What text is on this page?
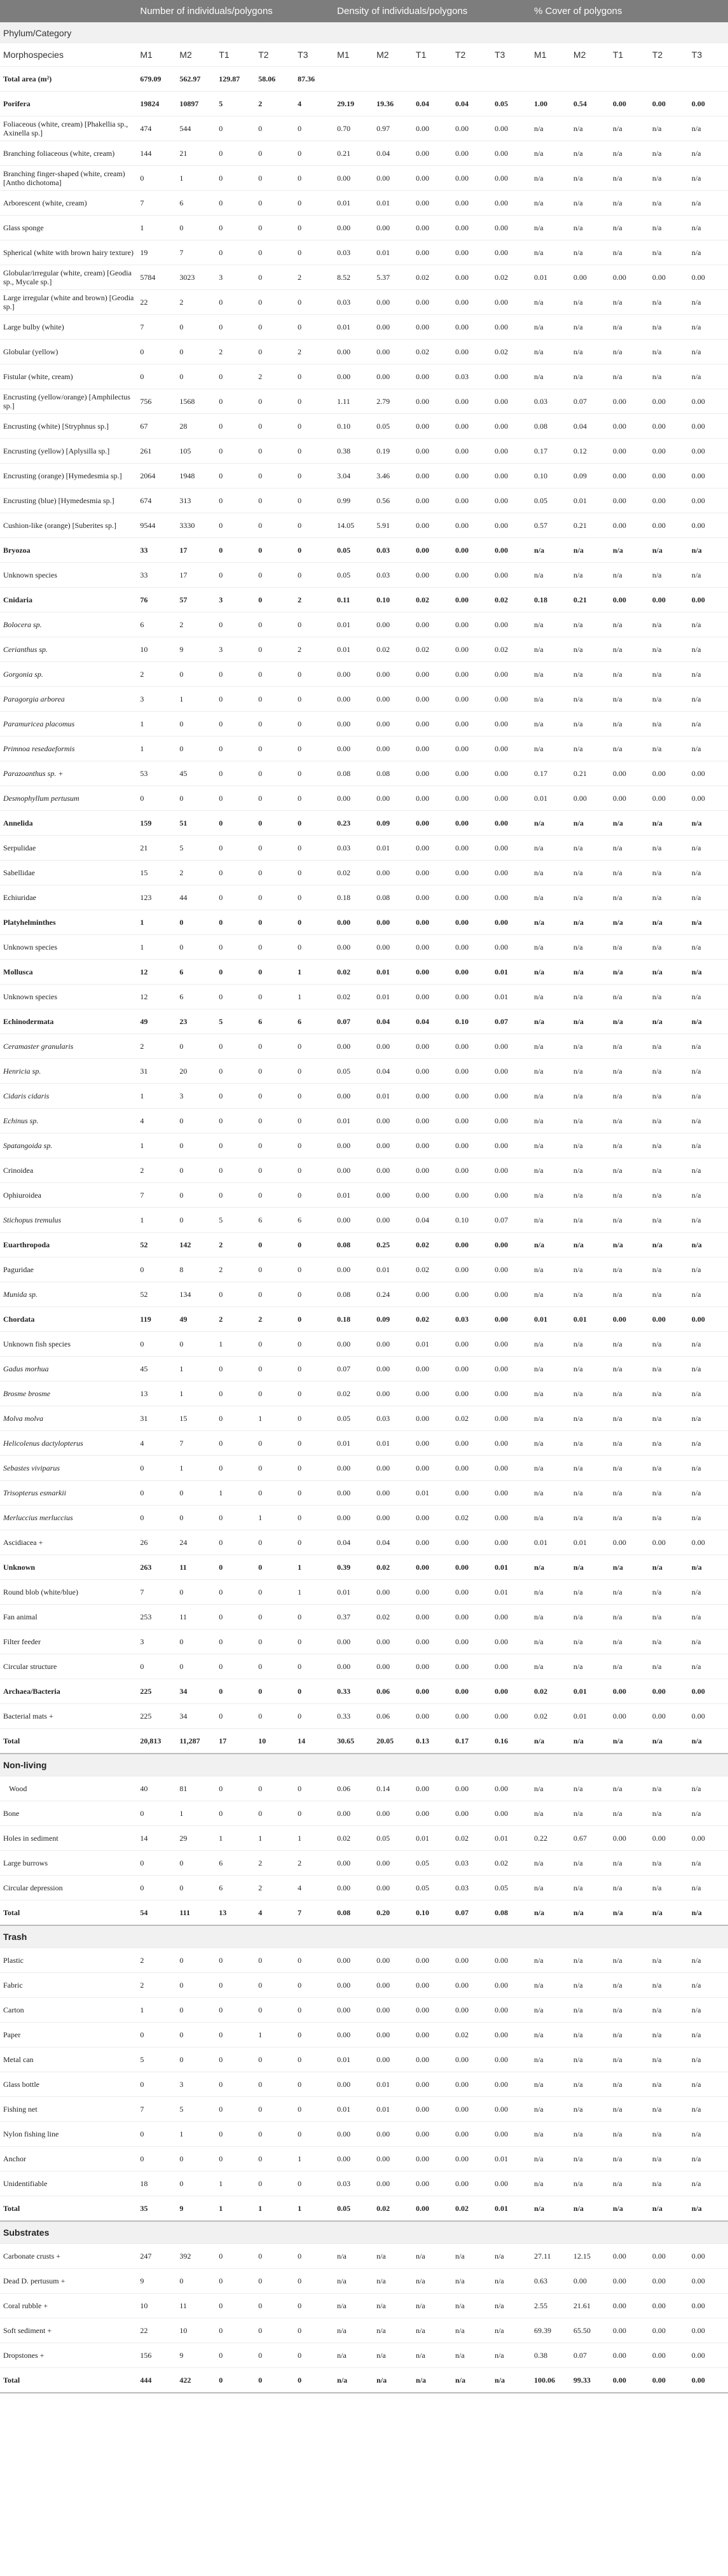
	Number of individuals/polygons					Density of individuals/polygons					% Cover of polygons				
Phylum/Category															
Morphospecies	M1	M2	T1	T2	T3	M1	M2	T1	T2	T3	M1	M2	T1	T2	T3
Total area (m²)	679.09	562.97	129.87	58.06	87.36										
Porifera	19824	10897	5	2	4	29.19	19.36	0.04	0.04	0.05	1.00	0.54	0.00	0.00	0.00
Foliaceous (white, cream) [Phakellia sp., Axinella sp.]	474	544	0	0	0	0.70	0.97	0.00	0.00	0.00	n/a	n/a	n/a	n/a	n/a
Branching foliaceous (white, cream)	144	21	0	0	0	0.21	0.04	0.00	0.00	0.00	n/a	n/a	n/a	n/a	n/a
Branching finger-shaped (white, cream) [Antho dichotoma]	0	1	0	0	0	0.00	0.00	0.00	0.00	0.00	n/a	n/a	n/a	n/a	n/a
Arborescent (white, cream)	7	6	0	0	0	0.01	0.01	0.00	0.00	0.00	n/a	n/a	n/a	n/a	n/a
Glass sponge	1	0	0	0	0	0.00	0.00	0.00	0.00	0.00	n/a	n/a	n/a	n/a	n/a
Spherical (white with brown hairy texture)	19	7	0	0	0	0.03	0.01	0.00	0.00	0.00	n/a	n/a	n/a	n/a	n/a
Globular/irregular (white, cream) [Geodia sp., Mycale sp.]	5784	3023	3	0	2	8.52	5.37	0.02	0.00	0.02	0.01	0.00	0.00	0.00	0.00
Large irregular (white and brown) [Geodia sp.]	22	2	0	0	0	0.03	0.00	0.00	0.00	0.00	n/a	n/a	n/a	n/a	n/a
Large bulby (white)	7	0	0	0	0	0.01	0.00	0.00	0.00	0.00	n/a	n/a	n/a	n/a	n/a
Globular (yellow)	0	0	2	0	2	0.00	0.00	0.02	0.00	0.02	n/a	n/a	n/a	n/a	n/a
Fistular (white, cream)	0	0	0	2	0	0.00	0.00	0.00	0.03	0.00	n/a	n/a	n/a	n/a	n/a
Encrusting (yellow/orange) [Amphilectus sp.]	756	1568	0	0	0	1.11	2.79	0.00	0.00	0.00	0.03	0.07	0.00	0.00	0.00
Encrusting (white) [Stryphnus sp.]	67	28	0	0	0	0.10	0.05	0.00	0.00	0.00	0.08	0.04	0.00	0.00	0.00
Encrusting (yellow) [Aplysilla sp.]	261	105	0	0	0	0.38	0.19	0.00	0.00	0.00	0.17	0.12	0.00	0.00	0.00
Encrusting (orange) [Hymedesmia sp.]	2064	1948	0	0	0	3.04	3.46	0.00	0.00	0.00	0.10	0.09	0.00	0.00	0.00
Encrusting (blue) [Hymedesmia sp.]	674	313	0	0	0	0.99	0.56	0.00	0.00	0.00	0.05	0.01	0.00	0.00	0.00
Cushion-like (orange) [Suberites sp.]	9544	3330	0	0	0	14.05	5.91	0.00	0.00	0.00	0.57	0.21	0.00	0.00	0.00
Bryozoa	33	17	0	0	0	0.05	0.03	0.00	0.00	0.00	n/a	n/a	n/a	n/a	n/a
Unknown species	33	17	0	0	0	0.05	0.03	0.00	0.00	0.00	n/a	n/a	n/a	n/a	n/a
Cnidaria	76	57	3	0	2	0.11	0.10	0.02	0.00	0.02	0.18	0.21	0.00	0.00	0.00
Bolocera sp.	6	2	0	0	0	0.01	0.00	0.00	0.00	0.00	n/a	n/a	n/a	n/a	n/a
Cerianthus sp.	10	9	3	0	2	0.01	0.02	0.02	0.00	0.02	n/a	n/a	n/a	n/a	n/a
Gorgonia sp.	2	0	0	0	0	0.00	0.00	0.00	0.00	0.00	n/a	n/a	n/a	n/a	n/a
Paragorgia arborea	3	1	0	0	0	0.00	0.00	0.00	0.00	0.00	n/a	n/a	n/a	n/a	n/a
Paramuricea placomus	1	0	0	0	0	0.00	0.00	0.00	0.00	0.00	n/a	n/a	n/a	n/a	n/a
Primnoa resedaeformis	1	0	0	0	0	0.00	0.00	0.00	0.00	0.00	n/a	n/a	n/a	n/a	n/a
Parazoanthus sp. +	53	45	0	0	0	0.08	0.08	0.00	0.00	0.00	0.17	0.21	0.00	0.00	0.00
Desmophyllum pertusum	0	0	0	0	0	0.00	0.00	0.00	0.00	0.00	0.01	0.00	0.00	0.00	0.00
Annelida	159	51	0	0	0	0.23	0.09	0.00	0.00	0.00	n/a	n/a	n/a	n/a	n/a
Serpulidae	21	5	0	0	0	0.03	0.01	0.00	0.00	0.00	n/a	n/a	n/a	n/a	n/a
Sabellidae	15	2	0	0	0	0.02	0.00	0.00	0.00	0.00	n/a	n/a	n/a	n/a	n/a
Echiuridae	123	44	0	0	0	0.18	0.08	0.00	0.00	0.00	n/a	n/a	n/a	n/a	n/a
Platyhelminthes	1	0	0	0	0	0.00	0.00	0.00	0.00	0.00	n/a	n/a	n/a	n/a	n/a
Unknown species	1	0	0	0	0	0.00	0.00	0.00	0.00	0.00	n/a	n/a	n/a	n/a	n/a
Mollusca	12	6	0	0	1	0.02	0.01	0.00	0.00	0.01	n/a	n/a	n/a	n/a	n/a
Unknown species	12	6	0	0	1	0.02	0.01	0.00	0.00	0.01	n/a	n/a	n/a	n/a	n/a
Echinodermata	49	23	5	6	6	0.07	0.04	0.04	0.10	0.07	n/a	n/a	n/a	n/a	n/a
Ceramaster granularis	2	0	0	0	0	0.00	0.00	0.00	0.00	0.00	n/a	n/a	n/a	n/a	n/a
Henricia sp.	31	20	0	0	0	0.05	0.04	0.00	0.00	0.00	n/a	n/a	n/a	n/a	n/a
Cidaris cidaris	1	3	0	0	0	0.00	0.01	0.00	0.00	0.00	n/a	n/a	n/a	n/a	n/a
Echinus sp.	4	0	0	0	0	0.01	0.00	0.00	0.00	0.00	n/a	n/a	n/a	n/a	n/a
Spatangoida sp.	1	0	0	0	0	0.00	0.00	0.00	0.00	0.00	n/a	n/a	n/a	n/a	n/a
Crinoidea	2	0	0	0	0	0.00	0.00	0.00	0.00	0.00	n/a	n/a	n/a	n/a	n/a
Ophiuroidea	7	0	0	0	0	0.01	0.00	0.00	0.00	0.00	n/a	n/a	n/a	n/a	n/a
Stichopus tremulus	1	0	5	6	6	0.00	0.00	0.04	0.10	0.07	n/a	n/a	n/a	n/a	n/a
Euarthropoda	52	142	2	0	0	0.08	0.25	0.02	0.00	0.00	n/a	n/a	n/a	n/a	n/a
Paguridae	0	8	2	0	0	0.00	0.01	0.02	0.00	0.00	n/a	n/a	n/a	n/a	n/a
Munida sp.	52	134	0	0	0	0.08	0.24	0.00	0.00	0.00	n/a	n/a	n/a	n/a	n/a
Chordata	119	49	2	2	0	0.18	0.09	0.02	0.03	0.00	0.01	0.01	0.00	0.00	0.00
Unknown fish species	0	0	1	0	0	0.00	0.00	0.01	0.00	0.00	n/a	n/a	n/a	n/a	n/a
Gadus morhua	45	1	0	0	0	0.07	0.00	0.00	0.00	0.00	n/a	n/a	n/a	n/a	n/a
Brosme brosme	13	1	0	0	0	0.02	0.00	0.00	0.00	0.00	n/a	n/a	n/a	n/a	n/a
Molva molva	31	15	0	1	0	0.05	0.03	0.00	0.02	0.00	n/a	n/a	n/a	n/a	n/a
Helicolenus dactylopterus	4	7	0	0	0	0.01	0.01	0.00	0.00	0.00	n/a	n/a	n/a	n/a	n/a
Sebastes viviparus	0	1	0	0	0	0.00	0.00	0.00	0.00	0.00	n/a	n/a	n/a	n/a	n/a
Trisopterus esmarkii	0	0	1	0	0	0.00	0.00	0.01	0.00	0.00	n/a	n/a	n/a	n/a	n/a
Merluccius merluccius	0	0	0	1	0	0.00	0.00	0.00	0.02	0.00	n/a	n/a	n/a	n/a	n/a
Ascidiacea +	26	24	0	0	0	0.04	0.04	0.00	0.00	0.00	0.01	0.01	0.00	0.00	0.00
Unknown	263	11	0	0	1	0.39	0.02	0.00	0.00	0.01	n/a	n/a	n/a	n/a	n/a
Round blob (white/blue)	7	0	0	0	1	0.01	0.00	0.00	0.00	0.01	n/a	n/a	n/a	n/a	n/a
Fan animal	253	11	0	0	0	0.37	0.02	0.00	0.00	0.00	n/a	n/a	n/a	n/a	n/a
Filter feeder	3	0	0	0	0	0.00	0.00	0.00	0.00	0.00	n/a	n/a	n/a	n/a	n/a
Circular structure	0	0	0	0	0	0.00	0.00	0.00	0.00	0.00	n/a	n/a	n/a	n/a	n/a
Archaea/Bacteria	225	34	0	0	0	0.33	0.06	0.00	0.00	0.00	0.02	0.01	0.00	0.00	0.00
Bacterial mats +	225	34	0	0	0	0.33	0.06	0.00	0.00	0.00	0.02	0.01	0.00	0.00	0.00
Total	20,813	11,287	17	10	14	30.65	20.05	0.13	0.17	0.16	n/a	n/a	n/a	n/a	n/a
Non-living															
Wood	40	81	0	0	0	0.06	0.14	0.00	0.00	0.00	n/a	n/a	n/a	n/a	n/a
Bone	0	1	0	0	0	0.00	0.00	0.00	0.00	0.00	n/a	n/a	n/a	n/a	n/a
Holes in sediment	14	29	1	1	1	0.02	0.05	0.01	0.02	0.01	0.22	0.67	0.00	0.00	0.00
Large burrows	0	0	6	2	2	0.00	0.00	0.05	0.03	0.02	n/a	n/a	n/a	n/a	n/a
Circular depression	0	0	6	2	4	0.00	0.00	0.05	0.03	0.05	n/a	n/a	n/a	n/a	n/a
Total	54	111	13	4	7	0.08	0.20	0.10	0.07	0.08	n/a	n/a	n/a	n/a	n/a
Trash															
Plastic	2	0	0	0	0	0.00	0.00	0.00	0.00	0.00	n/a	n/a	n/a	n/a	n/a
Fabric	2	0	0	0	0	0.00	0.00	0.00	0.00	0.00	n/a	n/a	n/a	n/a	n/a
Carton	1	0	0	0	0	0.00	0.00	0.00	0.00	0.00	n/a	n/a	n/a	n/a	n/a
Paper	0	0	0	1	0	0.00	0.00	0.00	0.02	0.00	n/a	n/a	n/a	n/a	n/a
Metal can	5	0	0	0	0	0.01	0.00	0.00	0.00	0.00	n/a	n/a	n/a	n/a	n/a
Glass bottle	0	3	0	0	0	0.00	0.01	0.00	0.00	0.00	n/a	n/a	n/a	n/a	n/a
Fishing net	7	5	0	0	0	0.01	0.01	0.00	0.00	0.00	n/a	n/a	n/a	n/a	n/a
Nylon fishing line	0	1	0	0	0	0.00	0.00	0.00	0.00	0.00	n/a	n/a	n/a	n/a	n/a
Anchor	0	0	0	0	1	0.00	0.00	0.00	0.00	0.01	n/a	n/a	n/a	n/a	n/a
Unidentifiable	18	0	1	0	0	0.03	0.00	0.00	0.00	0.00	n/a	n/a	n/a	n/a	n/a
Total	35	9	1	1	1	0.05	0.02	0.00	0.02	0.01	n/a	n/a	n/a	n/a	n/a
Substrates															
Carbonate crusts +	247	392	0	0	0	n/a	n/a	n/a	n/a	n/a	27.11	12.15	0.00	0.00	0.00
Dead D. pertusum +	9	0	0	0	0	n/a	n/a	n/a	n/a	n/a	0.63	0.00	0.00	0.00	0.00
Coral rubble +	10	11	0	0	0	n/a	n/a	n/a	n/a	n/a	2.55	21.61	0.00	0.00	0.00
Soft sediment +	22	10	0	0	0	n/a	n/a	n/a	n/a	n/a	69.39	65.50	0.00	0.00	0.00
Dropstones +	156	9	0	0	0	n/a	n/a	n/a	n/a	n/a	0.38	0.07	0.00	0.00	0.00
Total	444	422	0	0	0	n/a	n/a	n/a	n/a	n/a	100.06	99.33	0.00	0.00	0.00
